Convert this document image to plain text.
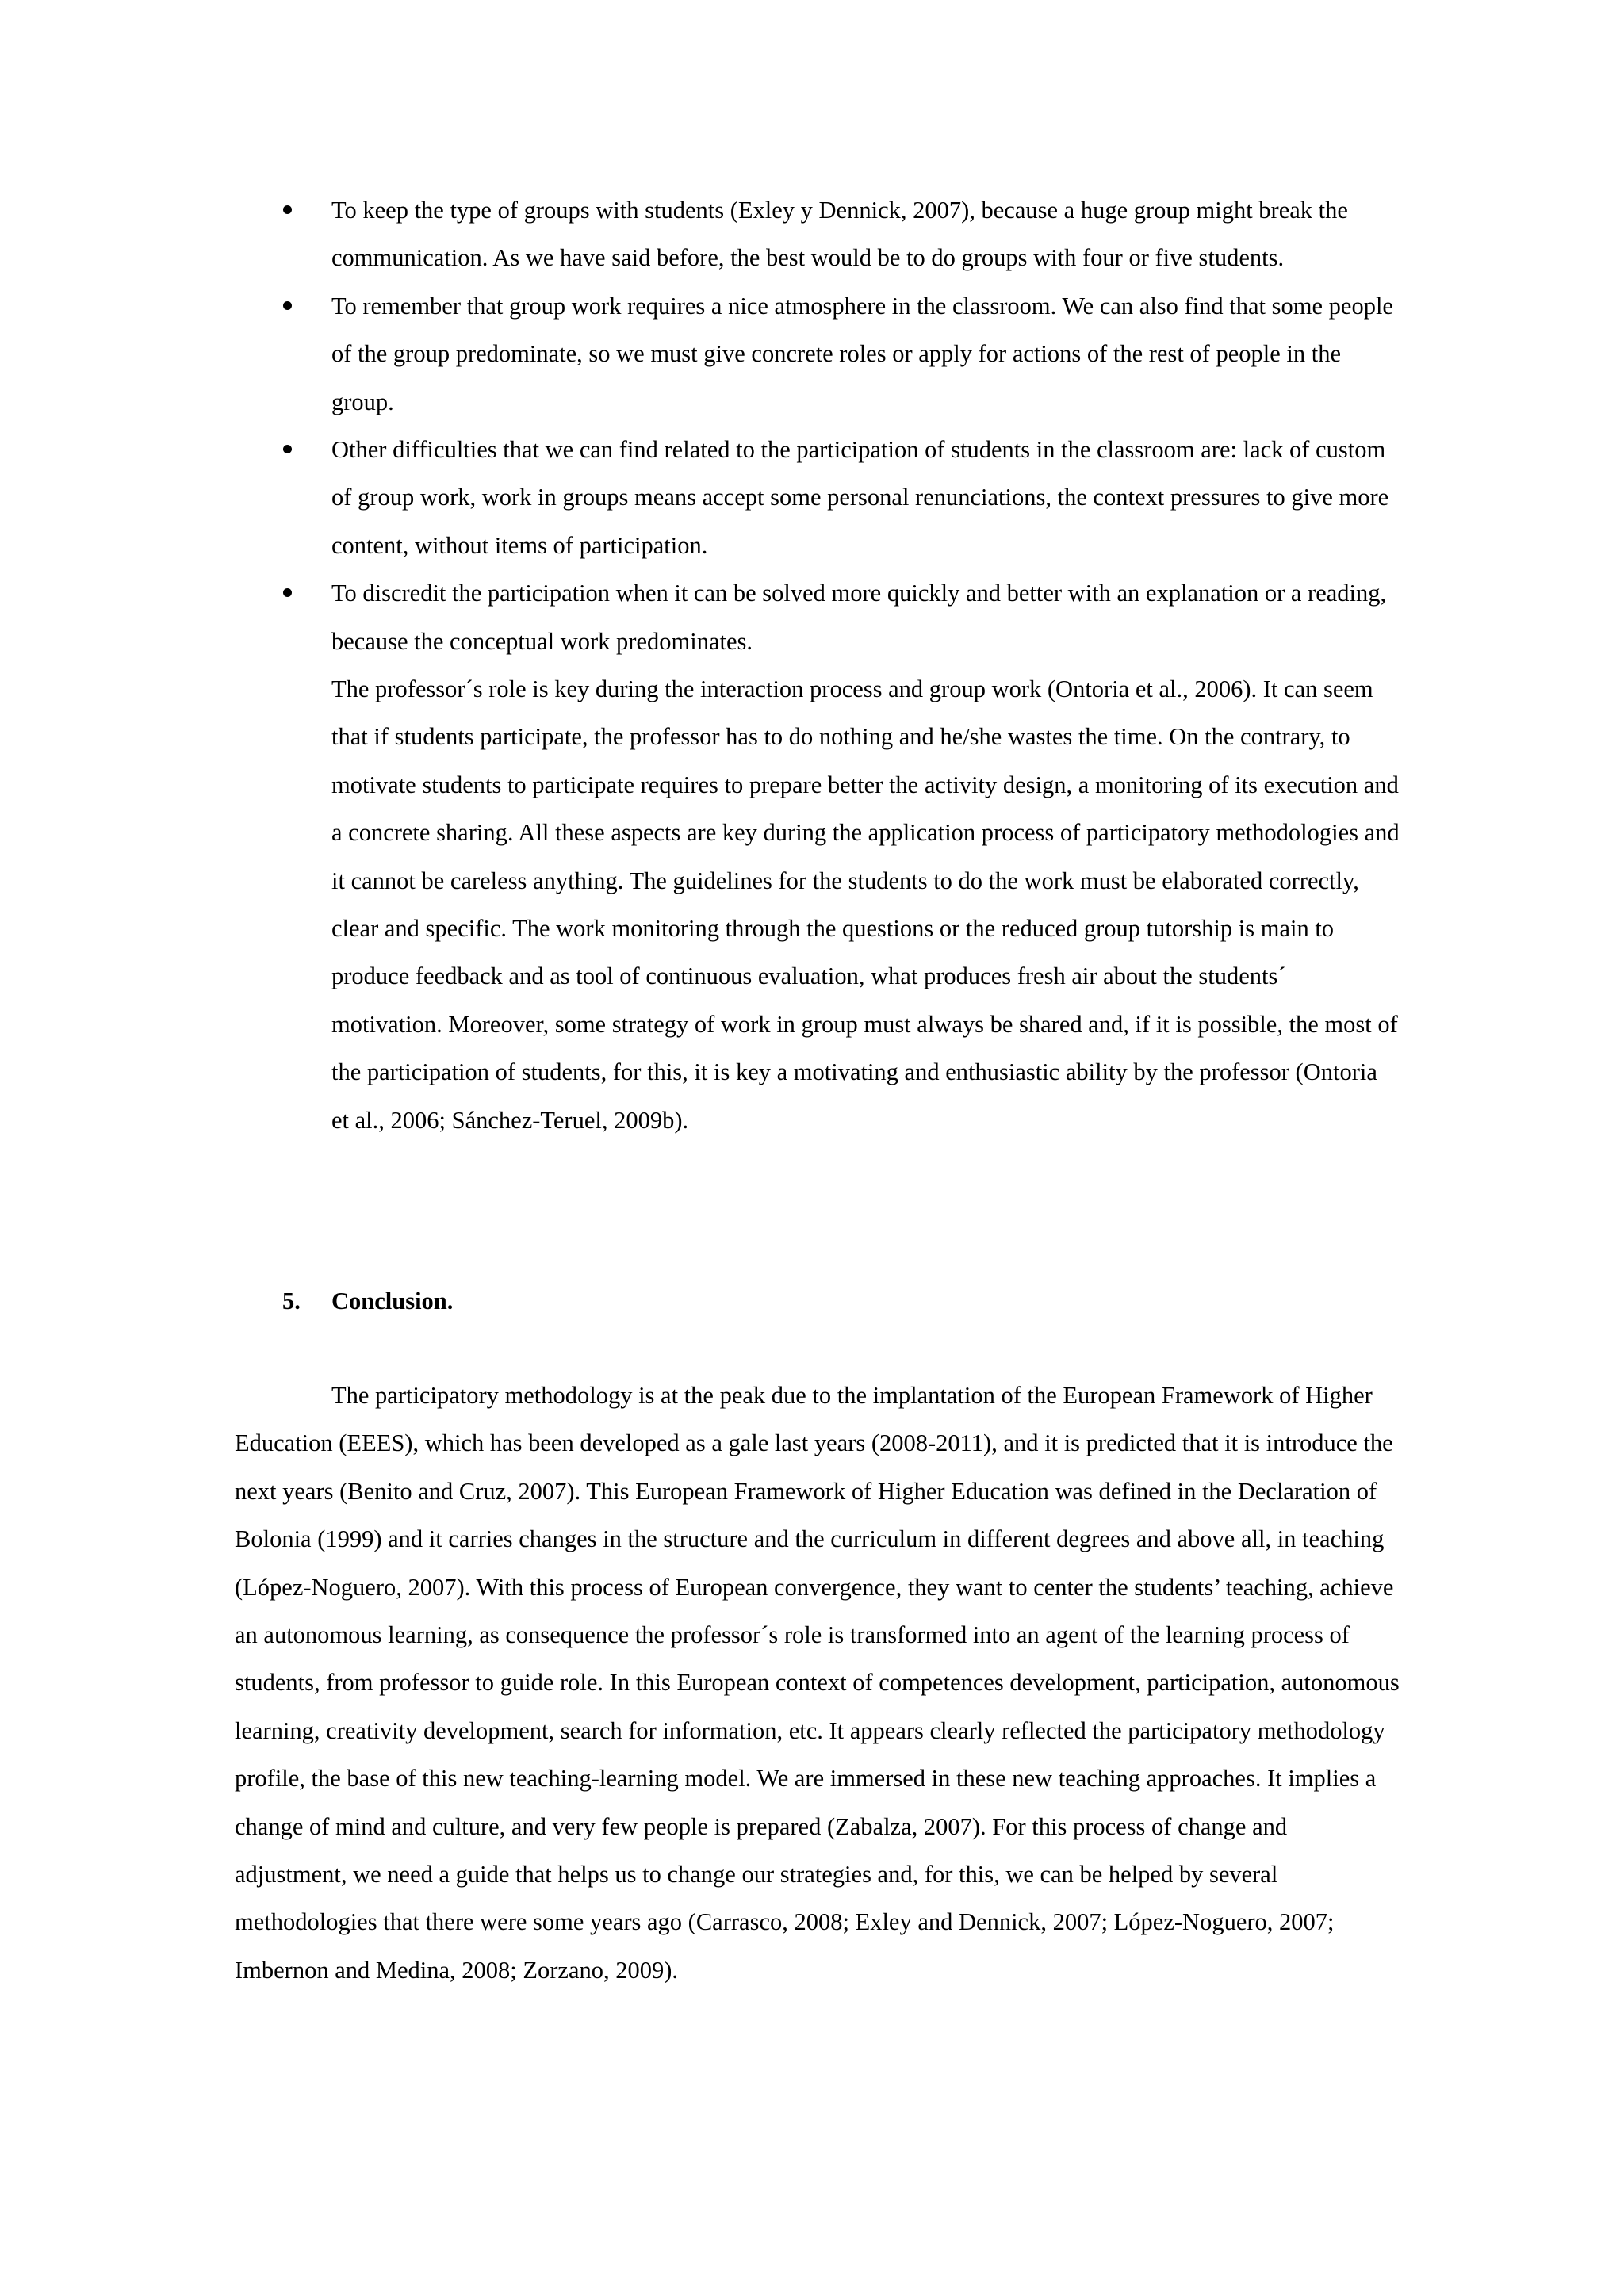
To keep the type of groups with students (Exley y Dennick, 2007), because a huge group might break the communication. As we have said before, the best would be to do groups with four or five students.
To remember that group work requires a nice atmosphere in the classroom. We can also find that some people of the group predominate, so we must give concrete roles or apply for actions of the rest of people in the group.
Other difficulties that we can find related to the participation of students in the classroom are: lack of custom of group work, work in groups means accept some personal renunciations, the context pressures to give more content, without items of participation.
To discredit the participation when it can be solved more quickly and better with an explanation or a reading, because the conceptual work predominates.

The professor´s role is key during the interaction process and group work (Ontoria et al., 2006). It can seem that if students participate, the professor has to do nothing and he/she wastes the time. On the contrary, to motivate students to participate requires to prepare better the activity design, a monitoring of its execution and a concrete sharing. All these aspects are key during the application process of participatory methodologies and it cannot be careless anything. The guidelines for the students to do the work must be elaborated correctly, clear and specific. The work monitoring through the questions or the reduced group tutorship is main to produce feedback and as tool of continuous evaluation, what produces fresh air about the students´ motivation. Moreover, some strategy of work in group must always be shared and, if it is possible, the most of the participation of students, for this, it is key a motivating and enthusiastic ability by the professor (Ontoria et al., 2006; Sánchez-Teruel, 2009b).

5. Conclusion.

The participatory methodology is at the peak due to the implantation of the European Framework of Higher Education (EEES), which has been developed as a gale last years (2008-2011), and it is predicted that it is introduce the next years (Benito and Cruz, 2007). This European Framework of Higher Education was defined in the Declaration of Bolonia (1999) and it carries changes in the structure and the curriculum in different degrees and above all, in teaching (López-Noguero, 2007). With this process of European convergence, they want to center the students’ teaching, achieve an autonomous learning, as consequence the professor´s role is transformed into an agent of the learning process of students, from professor to guide role. In this European context of competences development, participation, autonomous learning, creativity development, search for information, etc. It appears clearly reflected the participatory methodology profile, the base of this new teaching-learning model. We are immersed in these new teaching approaches. It implies a change of mind and culture, and very few people is prepared (Zabalza, 2007). For this process of change and adjustment, we need a guide that helps us to change our strategies and, for this, we can be helped by several methodologies that there were some years ago (Carrasco, 2008; Exley and Dennick, 2007; López-Noguero, 2007; Imbernon and Medina, 2008; Zorzano, 2009).
